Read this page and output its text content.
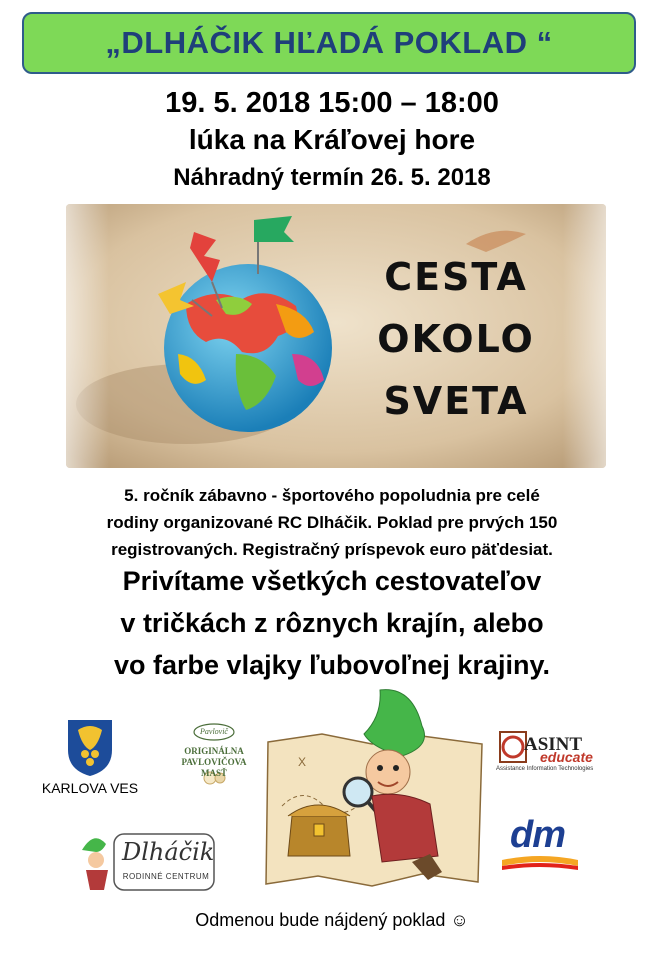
„DLHÁČIK HĽADÁ POKLAD “
19. 5. 2018 15:00 – 18:00
lúka na Kráľovej hore
Náhradný termín 26. 5. 2018
CESTA
OKOLO
SVETA
5. ročník zábavno - športového popoludnia pre celé
rodiny organizované RC Dlháčik. Poklad pre prvých 150
registrovaných. Registračný príspevok euro päťdesiat.
Privítame všetkých cestovateľov
v tričkách z rôznych krajín, alebo
vo farbe vlajky ľubovoľnej krajiny.
KARLOVA VES
Pavlovič
ORIGINÁLNA
PAVLOVIČOVA MASŤ
X
ASINT
educate
Assistance Information Technologies
dm
Dlháčik
RODINNÉ CENTRUM
Odmenou bude nájdený poklad ☺
